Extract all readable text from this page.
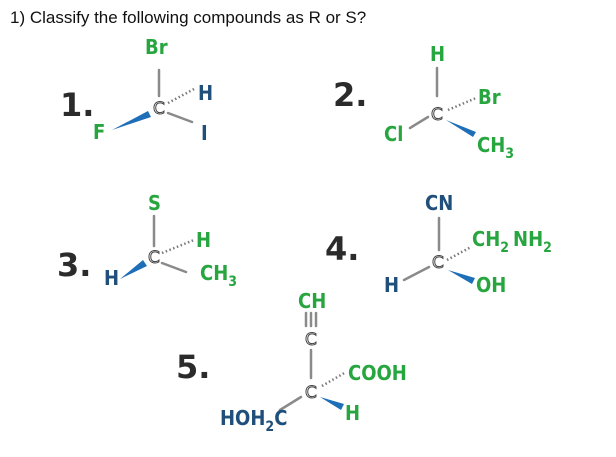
1) Classify the following compounds as R or S?
1.	C
Br
H
I
F
2.
C
H
Br
Cl	$CH_3$
3.	C
S
H
H	$CH_3$
4.	C
CN
H	OH
$CH_2$ $NH_2$
5.
C
C
CH
COOH
H
$HOH_2C$
